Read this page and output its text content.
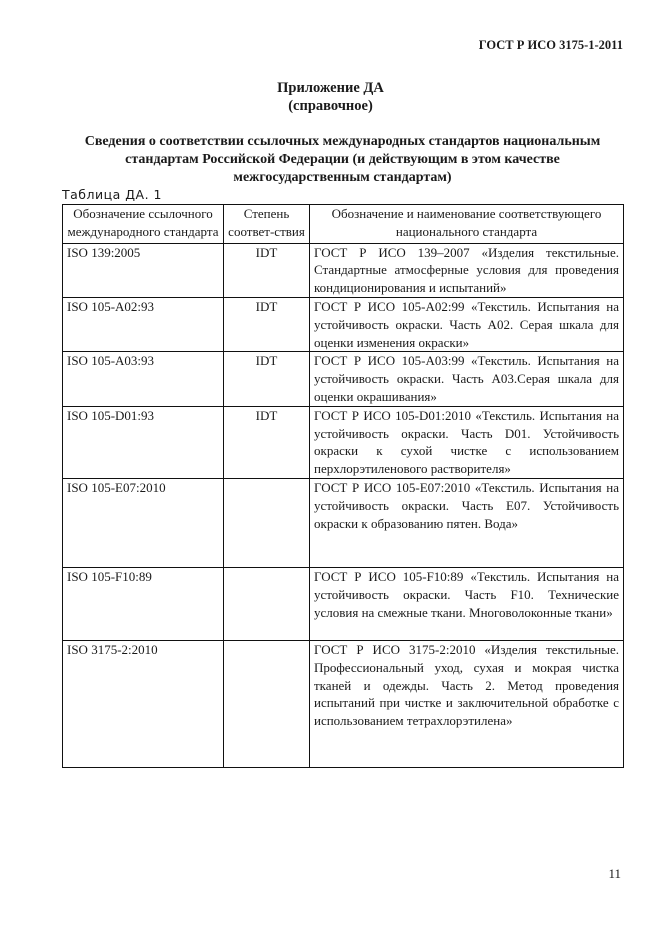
ГОСТ Р ИСО 3175-1-2011
Приложение ДА
(справочное)
Сведения о соответствии ссылочных международных стандартов национальным стандартам Российской Федерации (и действующим в этом качестве межгосударственным стандартам)
Таблица ДА. 1
Обозначение ссылочного международного стандарта	Степень соответ-ствия	Обозначение и наименование соответствующего национального стандарта
ISO 139:2005	IDT	ГОСТ Р ИСО 139–2007 «Изделия текстильные. Стандартные атмосферные условия для проведения кондиционирования и испытаний»
ISO 105-A02:93	IDT	ГОСТ Р ИСО 105-A02:99 «Текстиль. Испытания на устойчивость окраски. Часть A02. Серая шкала для оценки изменения окраски»
ISO 105-A03:93	IDT	ГОСТ Р ИСО 105-A03:99 «Текстиль. Испытания на устойчивость окраски. Часть A03.Серая шкала для оценки окрашивания»
ISO 105-D01:93	IDT	ГОСТ Р ИСО 105-D01:2010 «Текстиль. Испытания на устойчивость окраски. Часть D01. Устойчивость окраски к сухой чистке с использованием перхлорэтиленового растворителя»
ISO 105-E07:2010		ГОСТ Р ИСО 105-E07:2010 «Текстиль. Испытания на устойчивость окраски. Часть E07. Устойчивость окраски к образованию пятен. Вода»
ISO 105-F10:89		ГОСТ Р ИСО 105-F10:89 «Текстиль. Испытания на устойчивость окраски. Часть F10. Технические условия на смежные ткани. Многоволоконные ткани»
ISO 3175-2:2010		ГОСТ Р ИСО 3175-2:2010 «Изделия текстильные. Профессиональный уход, сухая и мокрая чистка тканей и одежды. Часть 2. Метод проведения испытаний при чистке и заключительной обработке с использованием тетрахлорэтилена»
11
